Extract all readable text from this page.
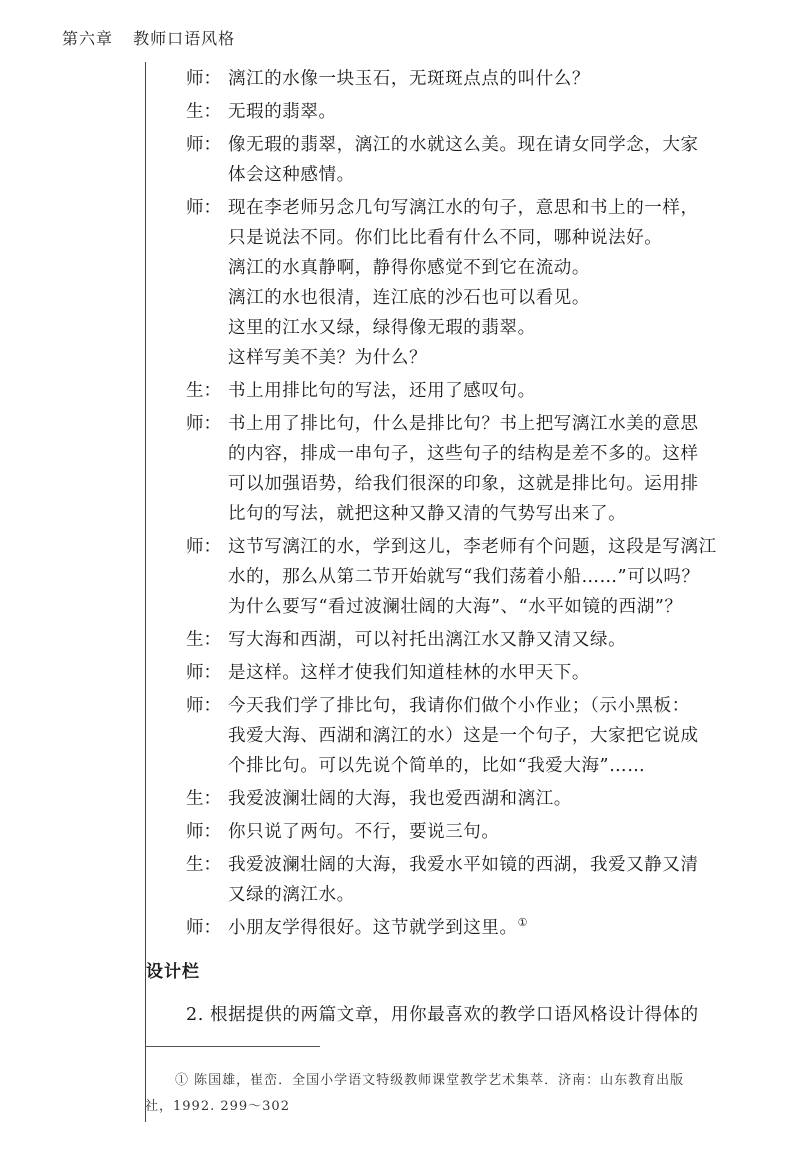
第六章 教师口语风格
师： 漓江的水像一块玉石，无斑斑点点的叫什么？
生： 无瑕的翡翠。
师： 像无瑕的翡翠，漓江的水就这么美。现在请女同学念，大家
体会这种感情。
师： 现在李老师另念几句写漓江水的句子，意思和书上的一样，
只是说法不同。你们比比看有什么不同，哪种说法好。
漓江的水真静啊，静得你感觉不到它在流动。
漓江的水也很清，连江底的沙石也可以看见。
这里的江水又绿，绿得像无瑕的翡翠。
这样写美不美？为什么？
生： 书上用排比句的写法，还用了感叹句。
师： 书上用了排比句，什么是排比句？书上把写漓江水美的意思
的内容，排成一串句子，这些句子的结构是差不多的。这样
可以加强语势，给我们很深的印象，这就是排比句。运用排
比句的写法，就把这种又静又清的气势写出来了。
师： 这节写漓江的水，学到这儿，李老师有个问题，这段是写漓江
水的，那么从第二节开始就写“我们荡着小船……”可以吗？
为什么要写“看过波澜壮阔的大海”、“水平如镜的西湖”？
生： 写大海和西湖，可以衬托出漓江水又静又清又绿。
师： 是这样。这样才使我们知道桂林的水甲天下。
师： 今天我们学了排比句，我请你们做个小作业；（示小黑板：
我爱大海、西湖和漓江的水）这是一个句子，大家把它说成
个排比句。可以先说个简单的，比如“我爱大海”……
生： 我爱波澜壮阔的大海，我也爱西湖和漓江。
师： 你只说了两句。不行，要说三句。
生： 我爱波澜壮阔的大海，我爱水平如镜的西湖，我爱又静又清
又绿的漓江水。
师： 小朋友学得很好。这节就学到这里。①
设计栏
2. 根据提供的两篇文章，用你最喜欢的教学口语风格设计得体的
① 陈国雄，崔峦．全国小学语文特级教师课堂教学艺术集萃．济南：山东教育出版
社，1992. 299～302
